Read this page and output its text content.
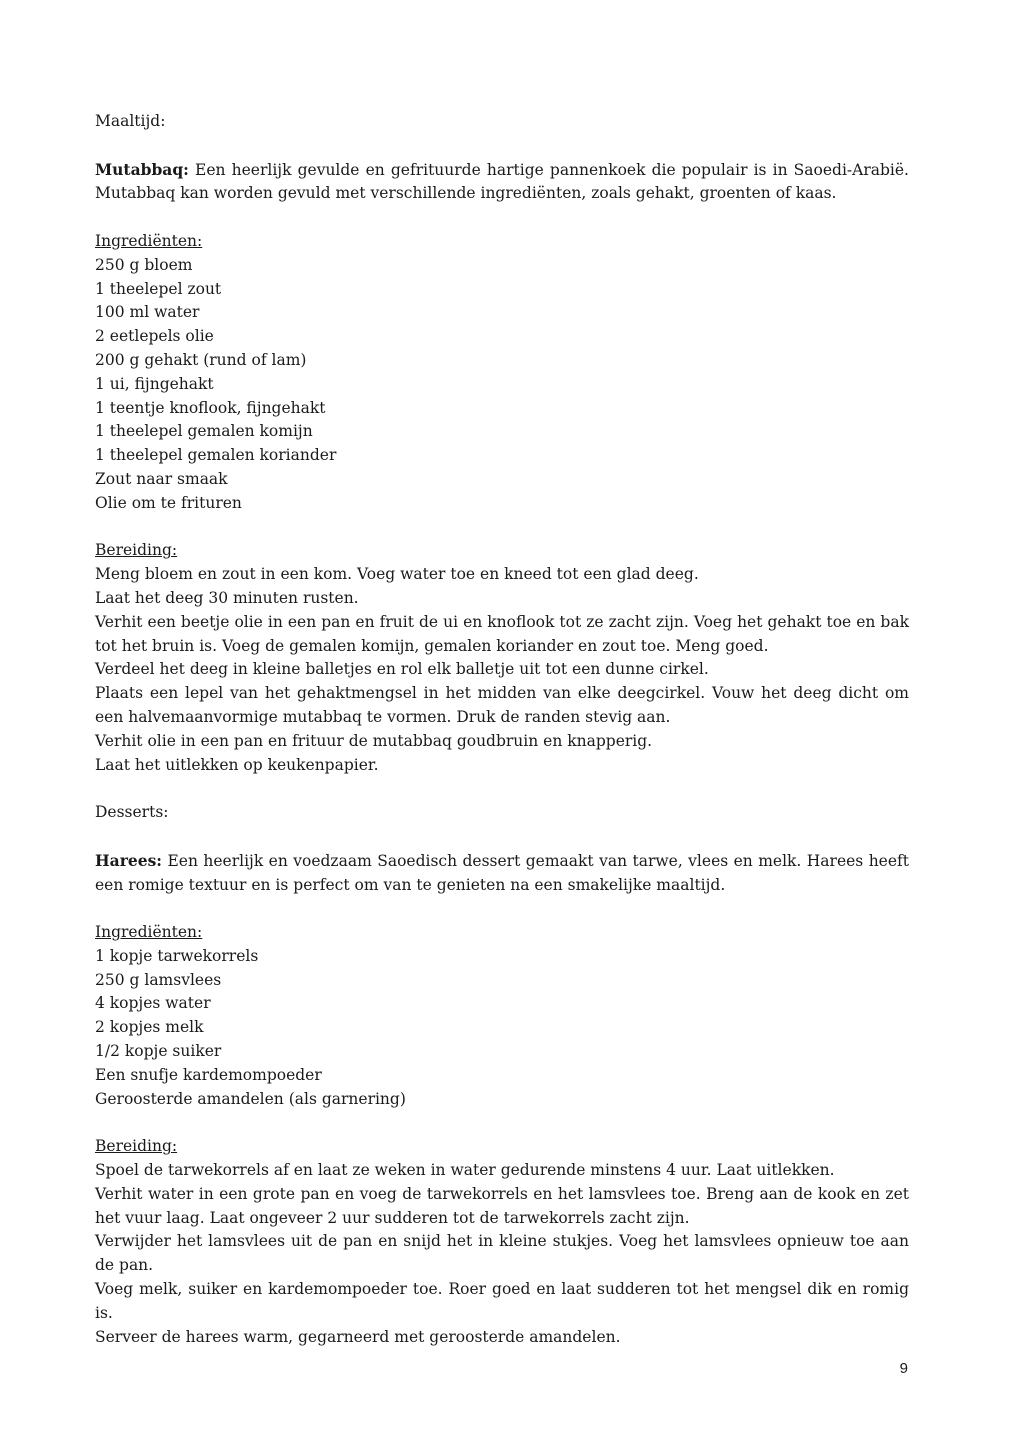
Maaltijd:

Mutabbaq: Een heerlijk gevulde en gefrituurde hartige pannenkoek die populair is in Saoedi-Arabië. Mutabbaq kan worden gevuld met verschillende ingrediënten, zoals gehakt, groenten of kaas.

Ingrediënten:
250 g bloem
1 theelepel zout
100 ml water
2 eetlepels olie
200 g gehakt (rund of lam)
1 ui, fijngehakt
1 teentje knoflook, fijngehakt
1 theelepel gemalen komijn
1 theelepel gemalen koriander
Zout naar smaak
Olie om te frituren
Bereiding:
Meng bloem en zout in een kom. Voeg water toe en kneed tot een glad deeg.
Laat het deeg 30 minuten rusten.
Verhit een beetje olie in een pan en fruit de ui en knoflook tot ze zacht zijn. Voeg het gehakt toe en bak tot het bruin is. Voeg de gemalen komijn, gemalen koriander en zout toe. Meng goed.
Verdeel het deeg in kleine balletjes en rol elk balletje uit tot een dunne cirkel.
Plaats een lepel van het gehaktmengsel in het midden van elke deegcirkel. Vouw het deeg dicht om een halvemaanvormige mutabbaq te vormen. Druk de randen stevig aan.
Verhit olie in een pan en frituur de mutabbaq goudbruin en knapperig.
Laat het uitlekken op keukenpapier.
Desserts:

Harees: Een heerlijk en voedzaam Saoedisch dessert gemaakt van tarwe, vlees en melk. Harees heeft een romige textuur en is perfect om van te genieten na een smakelijke maaltijd.

Ingrediënten:
1 kopje tarwekorrels
250 g lamsvlees
4 kopjes water
2 kopjes melk
1/2 kopje suiker
Een snufje kardemompoeder
Geroosterde amandelen (als garnering)
Bereiding:
Spoel de tarwekorrels af en laat ze weken in water gedurende minstens 4 uur. Laat uitlekken.
Verhit water in een grote pan en voeg de tarwekorrels en het lamsvlees toe. Breng aan de kook en zet het vuur laag. Laat ongeveer 2 uur sudderen tot de tarwekorrels zacht zijn.
Verwijder het lamsvlees uit de pan en snijd het in kleine stukjes. Voeg het lamsvlees opnieuw toe aan de pan.
Voeg melk, suiker en kardemompoeder toe. Roer goed en laat sudderen tot het mengsel dik en romig is.
Serveer de harees warm, gegarneerd met geroosterde amandelen.
9
